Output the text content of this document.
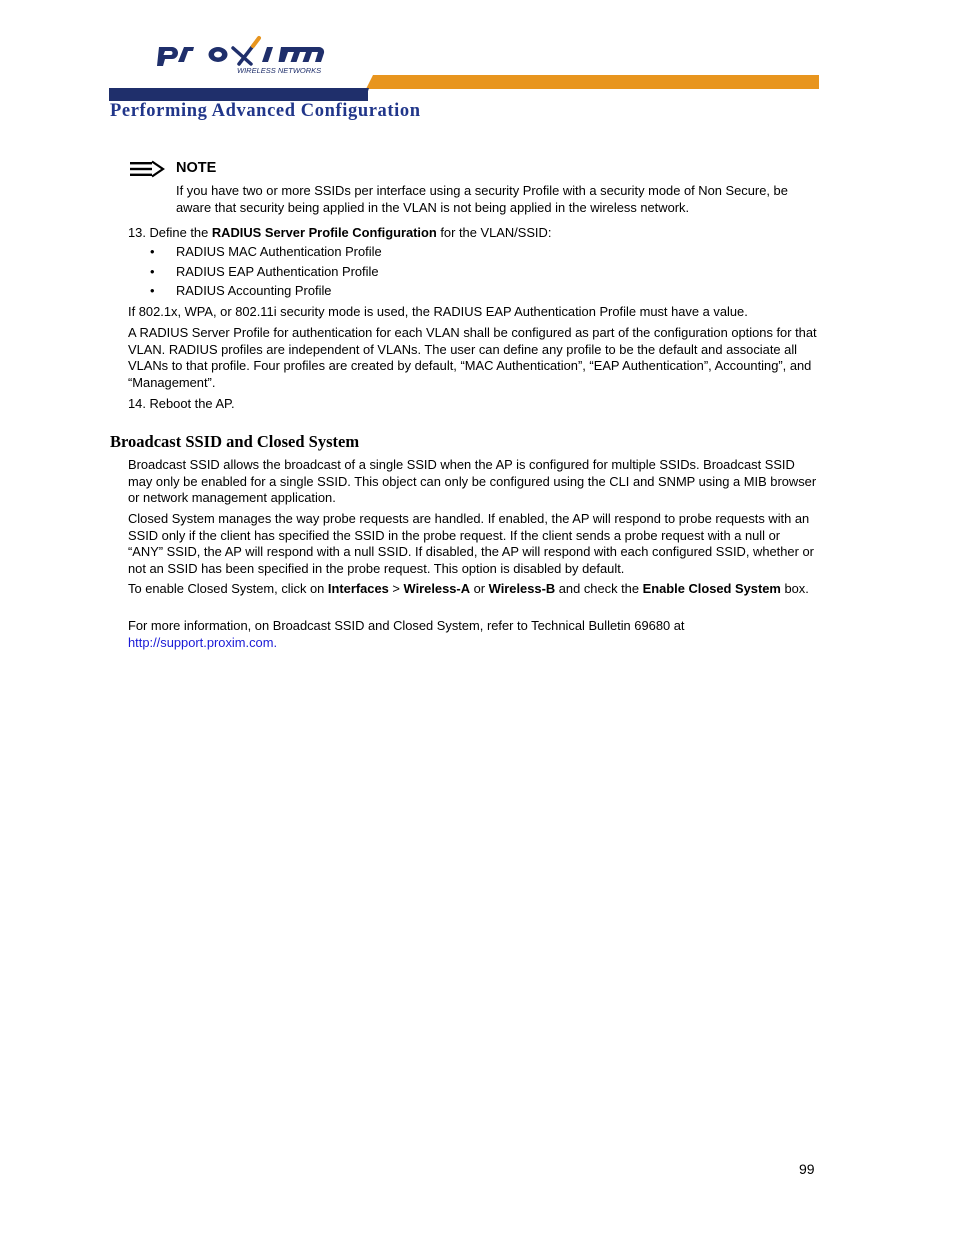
WIRELESS NETWORKS
Performing Advanced Configuration
NOTE
If you have two or more SSIDs per interface using a security Profile with a security mode of Non Secure, be aware that security being applied in the VLAN is not being applied in the wireless network.
13. Define the RADIUS Server Profile Configuration for the VLAN/SSID:
• RADIUS MAC Authentication Profile
• RADIUS EAP Authentication Profile
• RADIUS Accounting Profile
If 802.1x, WPA, or 802.11i security mode is used, the RADIUS EAP Authentication Profile must have a value.
A RADIUS Server Profile for authentication for each VLAN shall be configured as part of the configuration options for that VLAN. RADIUS profiles are independent of VLANs. The user can define any profile to be the default and associate all VLANs to that profile. Four profiles are created by default, “MAC Authentication”, “EAP Authentication”, Accounting”, and “Management”.
14. Reboot the AP.
Broadcast SSID and Closed System
Broadcast SSID allows the broadcast of a single SSID when the AP is configured for multiple SSIDs. Broadcast SSID may only be enabled for a single SSID. This object can only be configured using the CLI and SNMP using a MIB browser or network management application.
Closed System manages the way probe requests are handled. If enabled, the AP will respond to probe requests with an SSID only if the client has specified the SSID in the probe request. If the client sends a probe request with a null or “ANY” SSID, the AP will respond with a null SSID. If disabled, the AP will respond with each configured SSID, whether or not an SSID has been specified in the probe request. This option is disabled by default.
To enable Closed System, click on Interfaces > Wireless-A or Wireless-B and check the Enable Closed System box.
For more information, on Broadcast SSID and Closed System, refer to Technical Bulletin 69680 at http://support.proxim.com.
99
